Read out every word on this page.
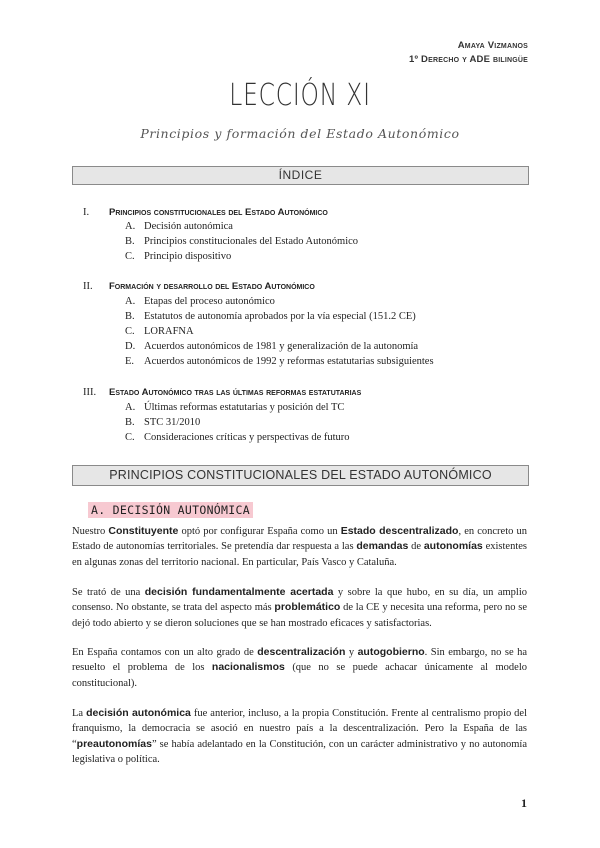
Amaya Vizmanos
1º Derecho y ADE bilingüe
LECCIÓN XI
Principios y formación del Estado Autonómico
ÍNDICE
I. Principios constitucionales del Estado Autonómico
A. Decisión autonómica
B. Principios constitucionales del Estado Autonómico
C. Principio dispositivo
II. Formación y desarrollo del Estado Autonómico
A. Etapas del proceso autonómico
B. Estatutos de autonomía aprobados por la vía especial (151.2 CE)
C. LORAFNA
D. Acuerdos autonómicos de 1981 y generalización de la autonomía
E. Acuerdos autonómicos de 1992 y reformas estatutarias subsiguientes
III. Estado Autonómico tras las últimas reformas estatutarias
A. Últimas reformas estatutarias y posición del TC
B. STC 31/2010
C. Consideraciones críticas y perspectivas de futuro
PRINCIPIOS CONSTITUCIONALES DEL ESTADO AUTONÓMICO
A. DECISIÓN AUTONÓMICA
Nuestro Constituyente optó por configurar España como un Estado descentralizado, en concreto un Estado de autonomías territoriales. Se pretendía dar respuesta a las demandas de autonomías existentes en algunas zonas del territorio nacional. En particular, País Vasco y Cataluña.
Se trató de una decisión fundamentalmente acertada y sobre la que hubo, en su día, un amplio consenso. No obstante, se trata del aspecto más problemático de la CE y necesita una reforma, pero no se dejó todo abierto y se dieron soluciones que se han mostrado eficaces y satisfactorias.
En España contamos con un alto grado de descentralización y autogobierno. Sin embargo, no se ha resuelto el problema de los nacionalismos (que no se puede achacar únicamente al modelo constitucional).
La decisión autonómica fue anterior, incluso, a la propia Constitución. Frente al centralismo propio del franquismo, la democracia se asoció en nuestro país a la descentralización. Pero la España de las “preautonomías” se había adelantado en la Constitución, con un carácter administrativo y no autonomía legislativa o política.
1
